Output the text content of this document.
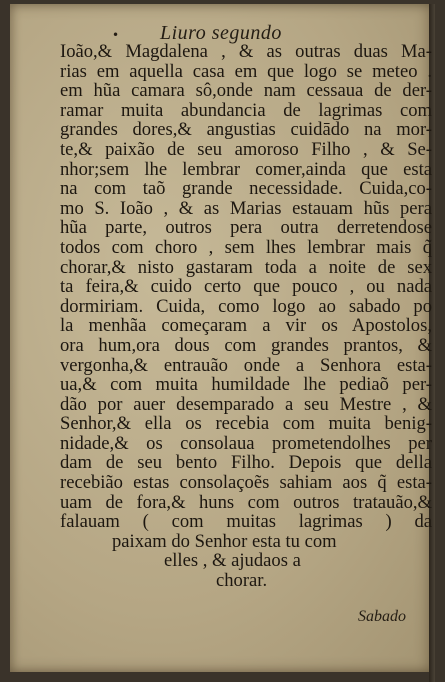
• Liuro segundo
Ioão,& Magdalena , & as outras duas Ma-
rias em aquella casa em que logo se meteo .
em hũa camara sô,onde nam cessaua de der-
ramar muita abundancia de lagrimas com
grandes dores,& angustias cuidādo na mor-
te,& paixão de seu amoroso Filho , & Se-
nhor;sem lhe lembrar comer,ainda que esta
na com taõ grande necessidade. Cuida,co-
mo S. Ioão , & as Marias estauam hũs pera
hũa parte, outros pera outra derretendose
todos com choro , sem lhes lembrar mais q̃
chorar,& nisto gastaram toda a noite de sex
ta feira,& cuido certo que pouco , ou nada
dormiriam. Cuida, como logo ao sabado po
la menhãa começaram a vir os Apostolos,
ora hum,ora dous com grandes prantos, &
vergonha,& entrauão onde a Senhora esta-
ua,& com muita humildade lhe pediaõ per-
dão por auer desemparado a seu Mestre , &
Senhor,& ella os recebia com muita benig-
nidade,& os consolaua prometendolhes per
dam de seu bento Filho. Depois que della
recebião estas consolaçoẽs sahiam aos q̃ esta-
uam de fora,& huns com outros tratauão,&
falauam ( com muitas lagrimas ) da
paixam do Senhor esta tu com
elles , & ajudaos a
chorar.
Sabado
